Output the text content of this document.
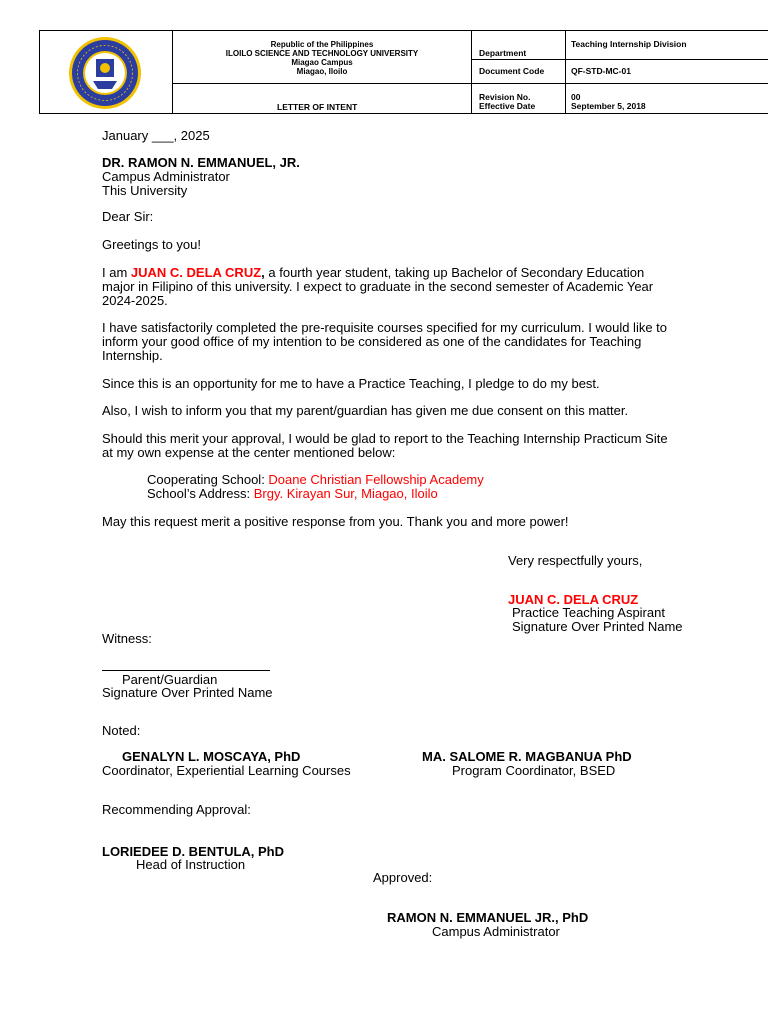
Republic of the Philippines
ILOILO SCIENCE AND TECHNOLOGY UNIVERSITY
Miagao Campus
Miagao, Iloilo
LETTER OF INTENT
Department
Teaching Internship Division
Document Code	QF-STD-MC-01
Revision No.
Effective Date
00
September 5, 2018
January ___, 2025
DR. RAMON N. EMMANUEL, JR.
Campus Administrator
This University
Dear Sir:
Greetings to you!
I am JUAN C. DELA CRUZ, a fourth year student, taking up Bachelor of Secondary Education
major in Filipino of this university. I expect to graduate in the second semester of Academic Year
2024-2025.
I have satisfactorily completed the pre-requisite courses specified for my curriculum. I would like to
inform your good office of my intention to be considered as one of the candidates for Teaching
Internship.
Since this is an opportunity for me to have a Practice Teaching, I pledge to do my best.
Also, I wish to inform you that my parent/guardian has given me due consent on this matter.
Should this merit your approval, I would be glad to report to the Teaching Internship Practicum Site
at my own expense at the center mentioned below:
Cooperating School: Doane Christian Fellowship Academy
School’s Address: Brgy. Kirayan Sur, Miagao, Iloilo
May this request merit a positive response from you. Thank you and more power!
Very respectfully yours,
JUAN C. DELA CRUZ
Practice Teaching Aspirant
Signature Over Printed Name
Witness:
Parent/Guardian
Signature Over Printed Name
Noted:
GENALYN L. MOSCAYA, PhD
Coordinator, Experiential Learning Courses
MA. SALOME R. MAGBANUA PhD
Program Coordinator, BSED
Recommending Approval:
LORIEDEE D. BENTULA, PhD
Head of Instruction
Approved:
RAMON N. EMMANUEL JR., PhD
Campus Administrator
